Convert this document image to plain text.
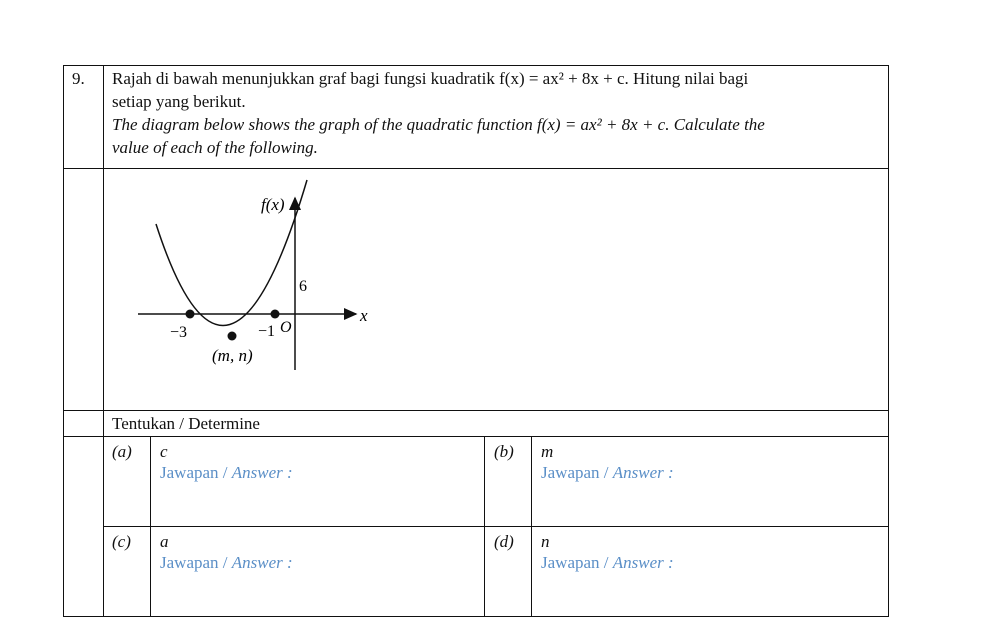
9. Rajah di bawah menunjukkan graf bagi fungsi kuadratik f(x) = ax² + 8x + c. Hitung nilai bagi
setiap yang berikut.
The diagram below shows the graph of the quadratic function f(x) = ax² + 8x + c. Calculate the
value of each of the following.
f(x)
x
6
−3	−1 O
(m, n)
Tentukan / Determine
(a) c
Jawapan / Answer :
(b) m
Jawapan / Answer :
(c) a
Jawapan / Answer :
(d) n
Jawapan / Answer :
